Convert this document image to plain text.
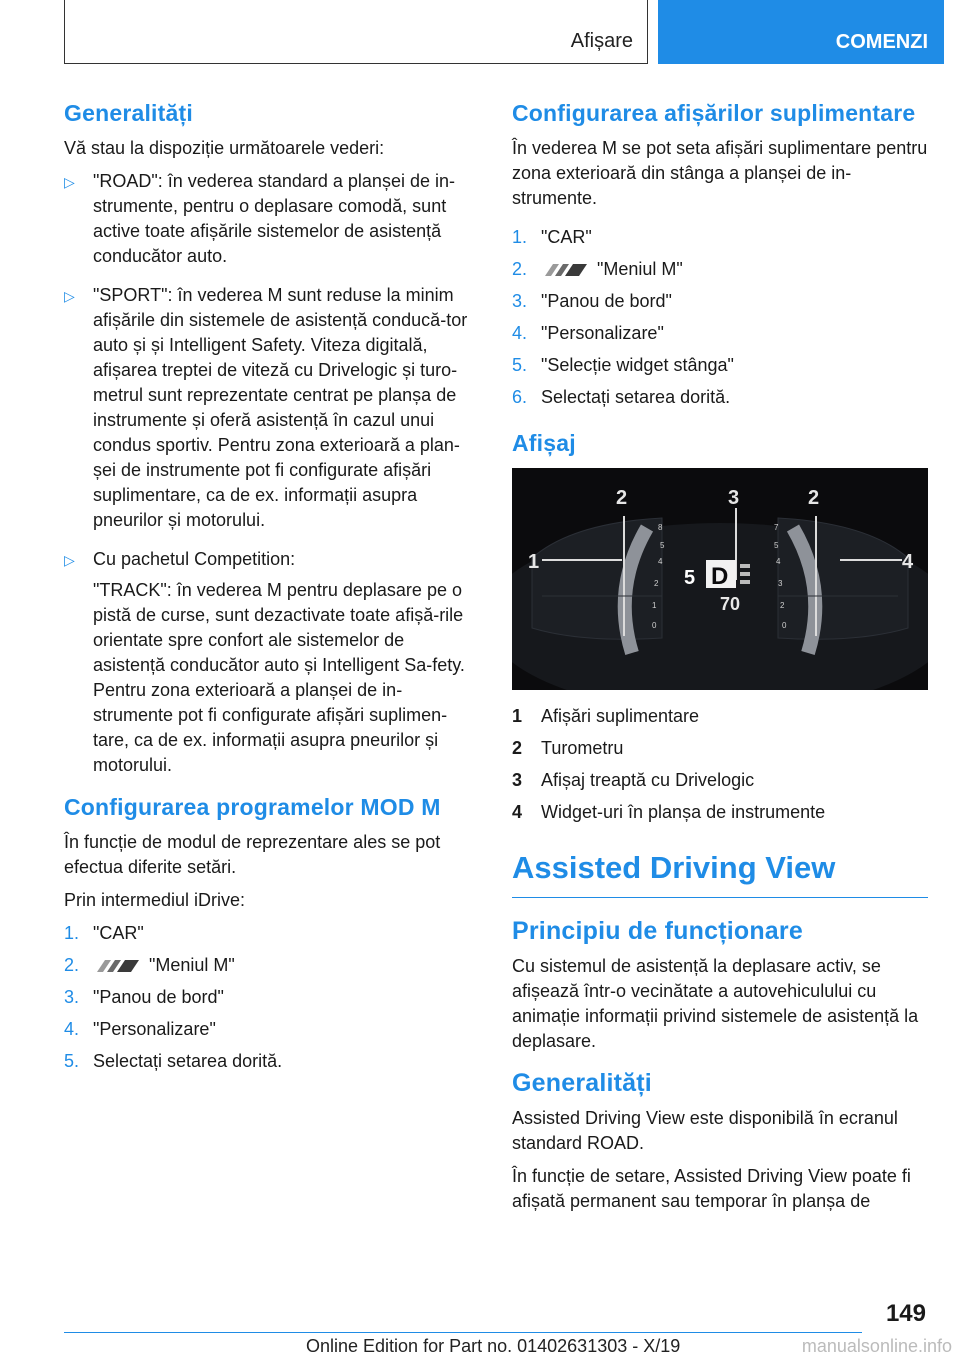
Afișare	COMENZI
Generalități

Vă stau la dispoziție următoarele vederi:

▷ "ROAD": în vederea standard a planșei de in-strumente, pentru o deplasare comodă, sunt active toate afișările sistemelor de asistență conducător auto.
▷ "SPORT": în vederea M sunt reduse la minim afișările din sistemele de asistență conducă-tor auto și și Intelligent Safety. Viteza digitală, afișarea treptei de viteză cu Drivelogic și turo-metrul sunt reprezentate centrat pe planșa de instrumente și oferă asistență în cazul unui condus sportiv. Pentru zona exterioară a plan-șei de instrumente pot fi configurate afișări suplimentare, ca de ex. informații asupra pneurilor și motorului.
▷ Cu pachetul Competition:

"TRACK": în vederea M pentru deplasare pe o pistă de curse, sunt dezactivate toate afișă-rile orientate spre confort ale sistemelor de asistență conducător auto și Intelligent Sa-fety. Pentru zona exterioară a planșei de in-strumente pot fi configurate afișări suplimen-tare, ca de ex. informații asupra pneurilor și motorului.

Configurarea programelor MOD M

În funcție de modul de reprezentare ales se pot efectua diferite setări.

Prin intermediul iDrive:

1. "CAR"
2.	"Meniul M"
3. "Panou de bord"
4. "Personalizare"
5. Selectați setarea dorită.
Configurarea afișărilor suplimentare

În vederea M se pot seta afișări suplimentare pentru zona exterioară din stânga a planșei de in-strumente.

1. "CAR"
2.	"Meniul M"
3. "Panou de bord"
4. "Personalizare"
5. "Selecție widget stânga"
6. Selectați setarea dorită.
Afișaj
0
1
2
4
5
8
0
2
3
4
5
7
1
2	3	2
4
5 D
70
1	Afișări suplimentare
2	Turometru
3	Afișaj treaptă cu Drivelogic
4	Widget-uri în planșa de instrumente
Assisted Driving View
Principiu de funcționare

Cu sistemul de asistență la deplasare activ, se afișează într-o vecinătate a autovehiculului cu animație informații privind sistemele de asistență la deplasare.

Generalități

Assisted Driving View este disponibilă în ecranul standard ROAD.

În funcție de setare, Assisted Driving View poate fi afișată permanent sau temporar în planșa de

149
Online Edition for Part no. 01402631303 - X/19	manualsonline.info
